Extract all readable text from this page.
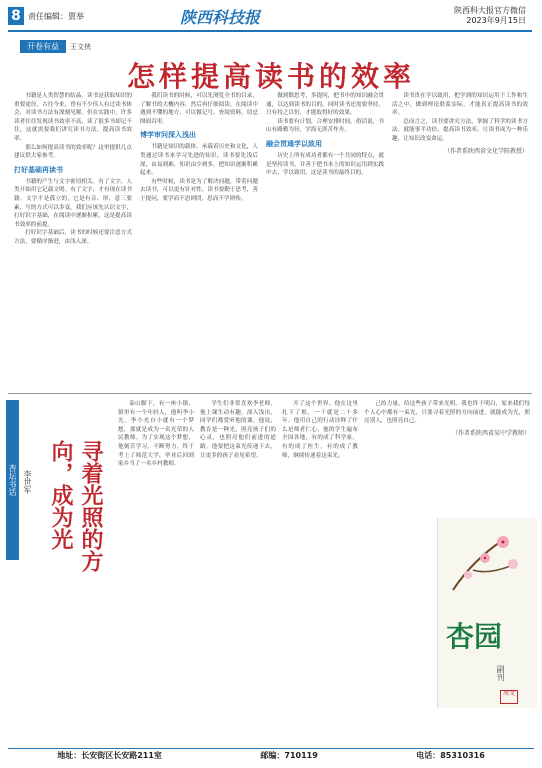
8 责任编辑：贾举	陕西科技报	陕西科大报官方微信
2023年9月15日
开卷有益	王文侠
怎样提高读书的效率

书籍是人类智慧的结晶，读书是获取知识的重要途径。古往今来，曾有不少伟人有过读书体会，对读书方法有深刻见解。但在实践中，许多读者往往发现读书效率不高，读了很多书却记不住，这就需要我们讲究读书方法，提高读书效率。

那么如何提高读书的效率呢？这里提供几点建议供大家参考。

打好基础再读书

书籍的产生与文字密切相关。有了文字，人类开始用它记载文明。有了文字，才有现在读书籍。文字不是孤立的，它是有音、形、意三要素，写的方式可以多变。我们应该先认识文字，打好识字基础，在阅读中逐渐积累，这是提高读书效率的前提。

打好识字基础后，读书的时候还要注意方式方法，要循序渐进，由浅入深。

我们读书的时候，可以先浏览全书的目录，了解书的大概内容，然后再仔细阅读。在阅读中遇到不懂的地方，可以做记号，查阅资料，切忌囫囵吞枣。

博学审问深入浅出

书籍是知识的载体，承载着历史和文化，人类通过读书来学习先进的知识。读书要先浅后深，由易到难，知识由少到多，把知识逐渐积累起来。

有些时候，读书是为了解决问题，带着问题去读书，可以更有针对性。读书要勤于思考，善于提问，要学而不思则罔，思而不学则殆。

做到勤思考，多提问，把书中的知识融会贯通，以达到读书的目的。同时读书还需要坚持，只有持之以恒，才能取得好的效果。

读书要有计划，合理安排时间。俗话说，书山有路勤为径，学海无涯苦作舟。

融会贯通学以致用

历史上所有成功者都有一个共同的特点，就是坚持读书，并善于把书本上的知识运用到实践中去，学以致用，这是读书的最终目的。

读书贵在学以致用，把学到的知识运用于工作和生活之中，做到理论联系实际，才能真正提高读书的效率。

总而言之，读书要讲究方法，掌握了科学的读书方法，就能事半功倍，提高读书效率，让读书成为一种乐趣，让知识改变命运。

（作者系陕西省文化学院教授）

杏坛书话 李世军	寻着光照的方向，成为光

泰山脚下，有一座小镇，镇里有一个年轻人，他叫李小光。李小光自小就有一个梦想，那就是成为一名光荣的人民教师。为了实现这个梦想，他刻苦学习，不断努力，终于考上了师范大学，毕业后回到家乡当了一名乡村教师。

学生们非常喜欢李老师，他上课生动有趣，深入浅出，同学们都爱听他的课。他说，教育是一种光，照亮孩子们的心灵，也照亮他们前进的道路。他要把这束光传递下去，让更多的孩子看见希望。

开了这个世界。他在这里扎下了根，一干就是二十多年。他用自己的行动诠释了什么是师者仁心，他的学生遍布全国各地，有的成了科学家，有的成了医生，有的成了教师，继续传递着这束光。

己的力量，给这些孩子带来光明。我也终于明白，原来我们每个人心中都有一束光，只要寻着光照的方向前进，就能成为光，照亮别人，也照亮自己。

（作者系陕西省某中学教师）

杏园
副刊
周文
地址：长安街区长安路211室	邮编：710119	电话：85310316
